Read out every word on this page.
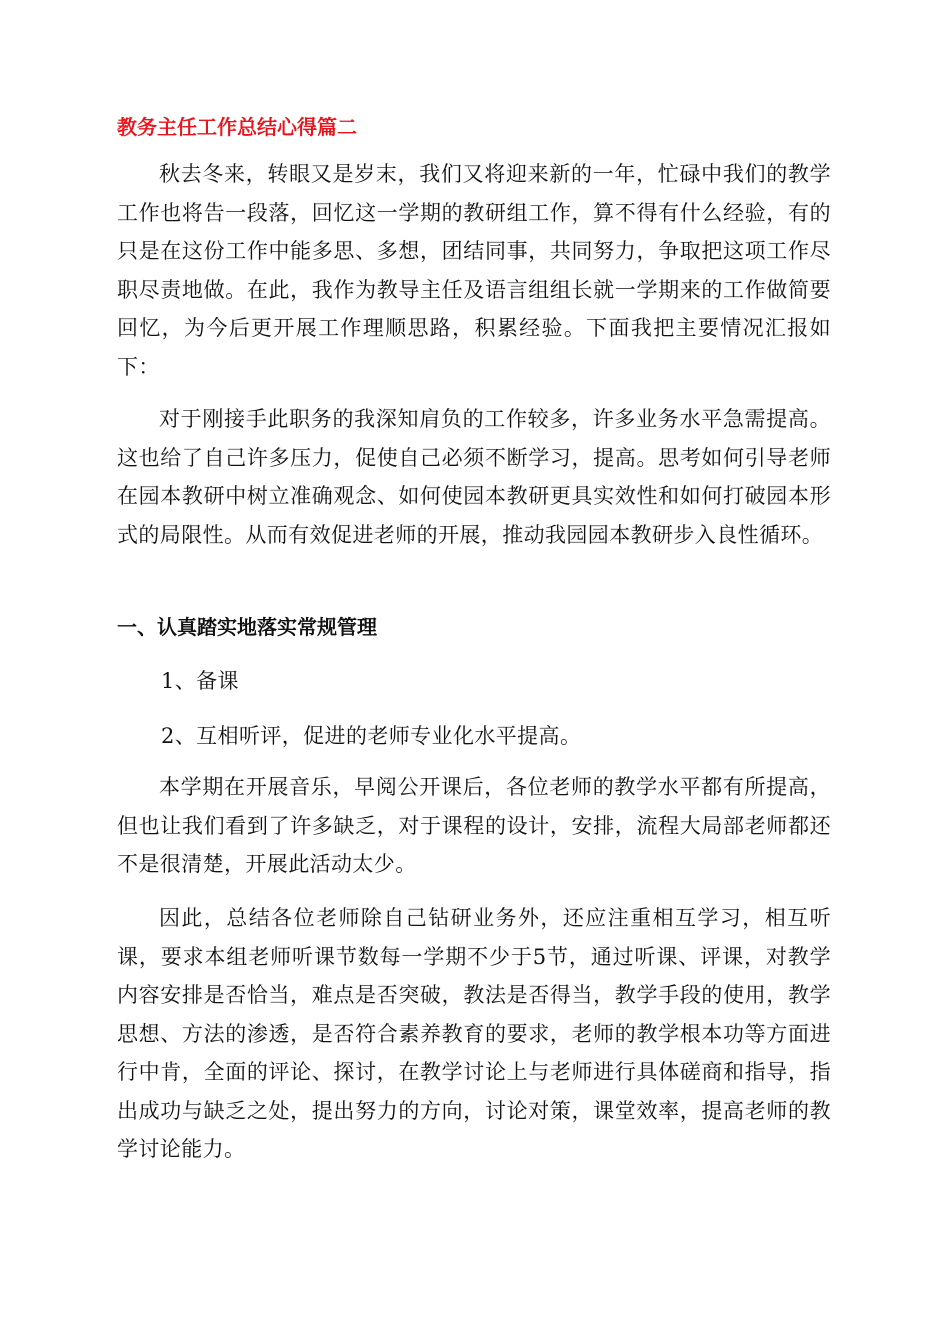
教务主任工作总结心得篇二

秋去冬来，转眼又是岁末，我们又将迎来新的一年，忙碌中我们的教学工作也将告一段落，回忆这一学期的教研组工作，算不得有什么经验，有的只是在这份工作中能多思、多想，团结同事，共同努力，争取把这项工作尽职尽责地做。在此，我作为教导主任及语言组组长就一学期来的工作做简要回忆，为今后更开展工作理顺思路，积累经验。下面我把主要情况汇报如下：

对于刚接手此职务的我深知肩负的工作较多，许多业务水平急需提高。这也给了自己许多压力，促使自己必须不断学习，提高。思考如何引导老师在园本教研中树立准确观念、如何使园本教研更具实效性和如何打破园本形式的局限性。从而有效促进老师的开展，推动我园园本教研步入良性循环。

一、认真踏实地落实常规管理

1、备课

2、互相听评，促进的老师专业化水平提高。

本学期在开展音乐，早阅公开课后，各位老师的教学水平都有所提高，但也让我们看到了许多缺乏，对于课程的设计，安排，流程大局部老师都还不是很清楚，开展此活动太少。

因此，总结各位老师除自己钻研业务外，还应注重相互学习，相互听课，要求本组老师听课节数每一学期不少于5节，通过听课、评课，对教学内容安排是否恰当，难点是否突破，教法是否得当，教学手段的使用，教学思想、方法的渗透，是否符合素养教育的要求，老师的教学根本功等方面进行中肯，全面的评论、探讨，在教学讨论上与老师进行具体磋商和指导，指出成功与缺乏之处，提出努力的方向，讨论对策，课堂效率，提高老师的教学讨论能力。
